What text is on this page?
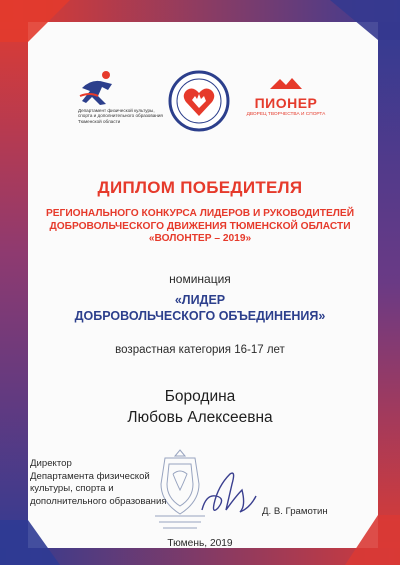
Департамент физической культуры, спорта и дополнительного образования Тюменской области
ПИОНЕР
ДВОРЕЦ ТВОРЧЕСТВА И СПОРТА
ДИПЛОМ ПОБЕДИТЕЛЯ
РЕГИОНАЛЬНОГО КОНКУРСА ЛИДЕРОВ И РУКОВОДИТЕЛЕЙ
ДОБРОВОЛЬЧЕСКОГО ДВИЖЕНИЯ ТЮМЕНСКОЙ ОБЛАСТИ
«ВОЛОНТЕР – 2019»
номинация
«ЛИДЕР
ДОБРОВОЛЬЧЕСКОГО ОБЪЕДИНЕНИЯ»
возрастная категория 16-17 лет
Бородина
Любовь Алексеевна
Директор
Департамента физической
культуры, спорта и
дополнительного образования
Д. В. Грамотин
Тюмень, 2019
